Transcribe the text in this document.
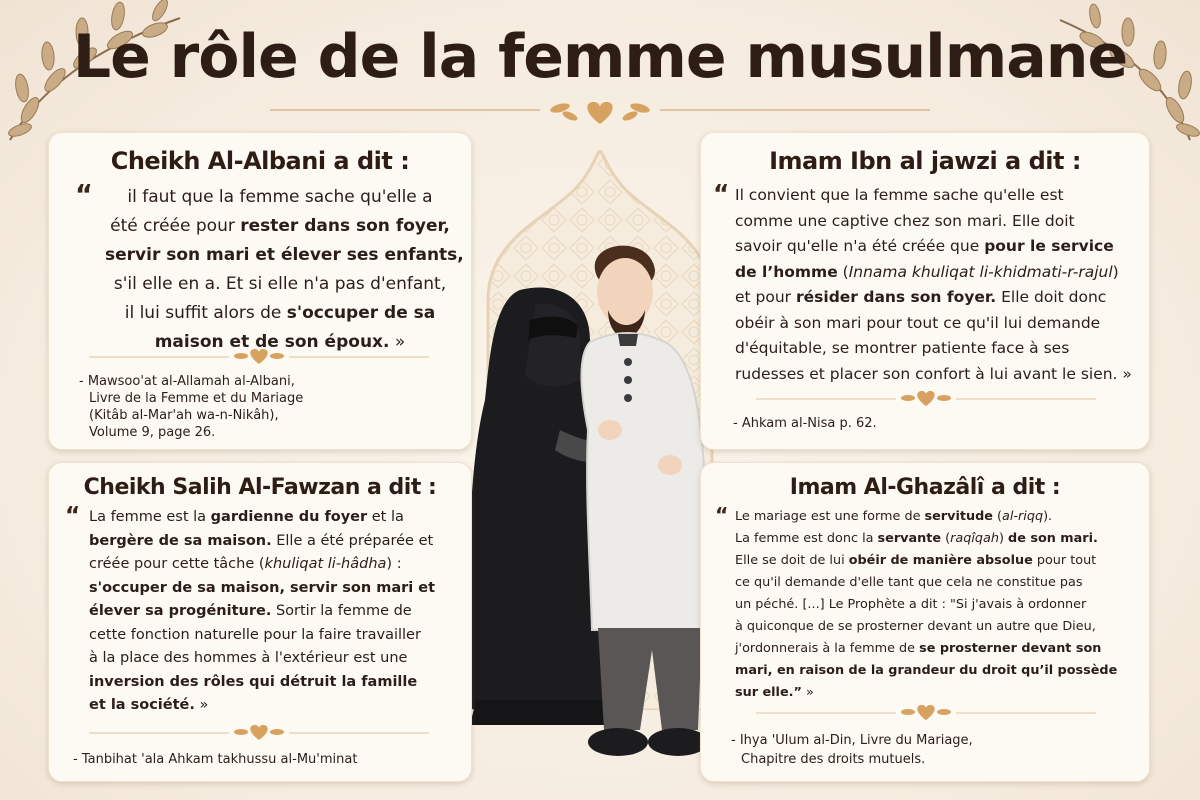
Le rôle de la femme musulmane
Cheikh Al-Albani a dit :
“	il faut que la femme sache qu'elle a
été créée pour rester dans son foyer,
servir son mari et élever ses enfants,
s'il elle en a. Et si elle n'a pas d'enfant,
il lui suffit alors de s'occuper de sa
maison et de son époux. »
- Mawsoo'at al-Allamah al-Albani,
Livre de la Femme et du Mariage
(Kitâb al-Mar'ah wa-n-Nikâh),
Volume 9, page 26.
Imam Ibn al jawzi a dit :
“ Il convient que la femme sache qu'elle est
comme une captive chez son mari. Elle doit
savoir qu'elle n'a été créée que pour le service
de l’homme (Innama khuliqat li-khidmati-r-rajul)
et pour résider dans son foyer. Elle doit donc
obéir à son mari pour tout ce qu'il lui demande
d'équitable, se montrer patiente face à ses
rudesses et placer son confort à lui avant le sien. »
- Ahkam al-Nisa p. 62.
Cheikh Salih Al-Fawzan a dit :
“ La femme est la gardienne du foyer et la
bergère de sa maison. Elle a été préparée et
créée pour cette tâche (khuliqat li-hâdha) :
s'occuper de sa maison, servir son mari et
élever sa progéniture. Sortir la femme de
cette fonction naturelle pour la faire travailler
à la place des hommes à l'extérieur est une
inversion des rôles qui détruit la famille
et la société. »
- Tanbihat 'ala Ahkam takhussu al-Mu'minat
Imam Al-Ghazâlî a dit :
“ Le mariage est une forme de servitude (al-riqq).
La femme est donc la servante (raqîqah) de son mari.
Elle se doit de lui obéir de manière absolue pour tout
ce qu'il demande d'elle tant que cela ne constitue pas
un péché. [...] Le Prophète a dit : "Si j'avais à ordonner
à quiconque de se prosterner devant un autre que Dieu,
j'ordonnerais à la femme de se prosterner devant son
mari, en raison de la grandeur du droit qu’il possède
sur elle.” »
- Ihya 'Ulum al-Din, Livre du Mariage,
Chapitre des droits mutuels.
